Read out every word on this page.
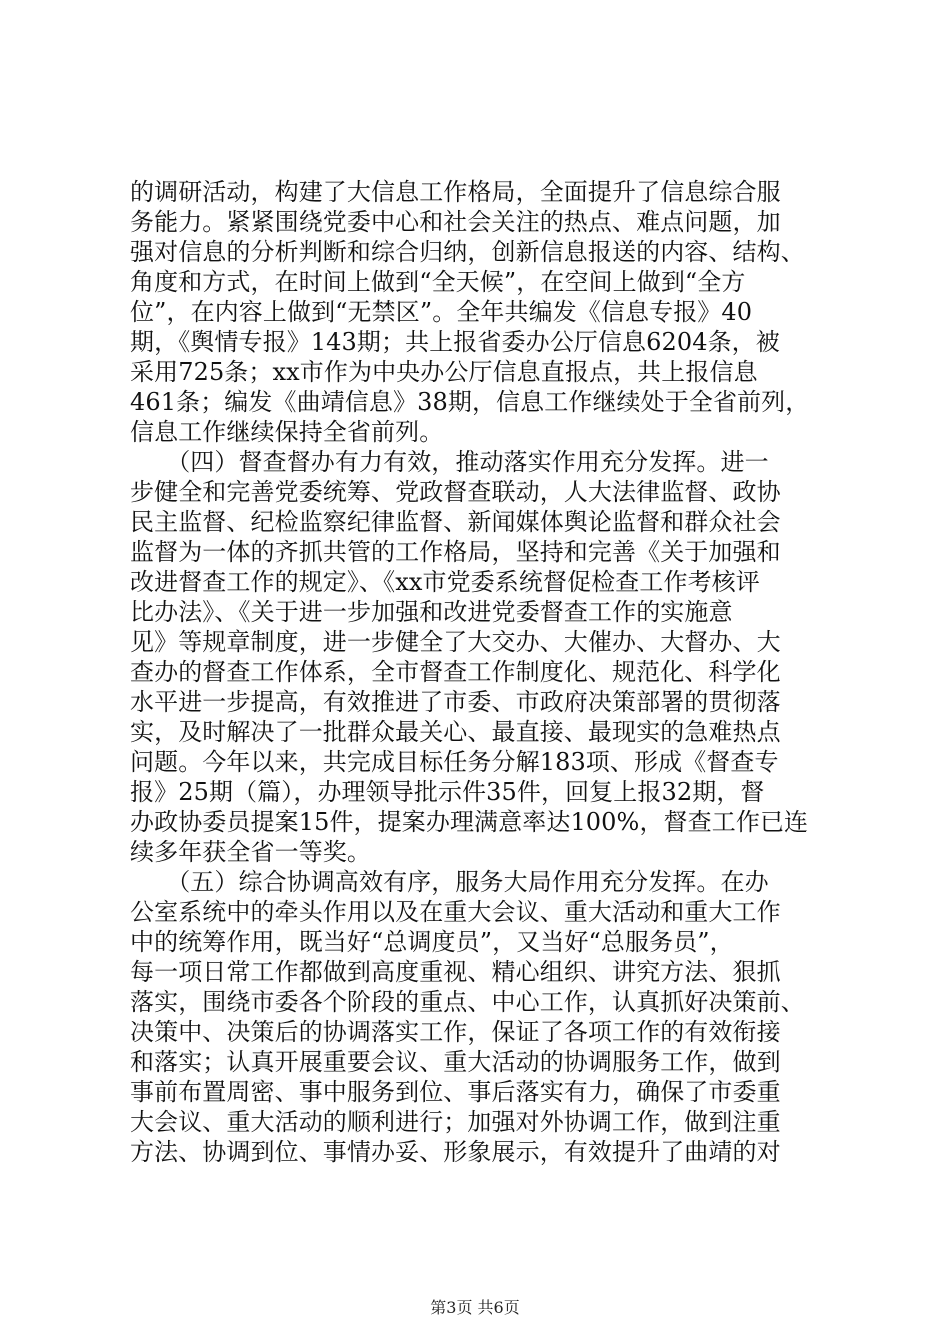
的调研活动，构建了大信息工作格局，全面提升了信息综合服
务能力。紧紧围绕党委中心和社会关注的热点、难点问题，加
强对信息的分析判断和综合归纳，创新信息报送的内容、结构、
角度和方式，在时间上做到“全天候”，在空间上做到“全方
位”，在内容上做到“无禁区”。全年共编发《信息专报》40
期，《舆情专报》143期；共上报省委办公厅信息6204条，被
采用725条；xx市作为中央办公厅信息直报点，共上报信息
461条；编发《曲靖信息》38期，信息工作继续处于全省前列，
信息工作继续保持全省前列。
　　（四）督查督办有力有效，推动落实作用充分发挥。进一
步健全和完善党委统筹、党政督查联动，人大法律监督、政协
民主监督、纪检监察纪律监督、新闻媒体舆论监督和群众社会
监督为一体的齐抓共管的工作格局，坚持和完善《关于加强和
改进督查工作的规定》、《xx市党委系统督促检查工作考核评
比办法》、《关于进一步加强和改进党委督查工作的实施意
见》等规章制度，进一步健全了大交办、大催办、大督办、大
查办的督查工作体系，全市督查工作制度化、规范化、科学化
水平进一步提高，有效推进了市委、市政府决策部署的贯彻落
实，及时解决了一批群众最关心、最直接、最现实的急难热点
问题。今年以来，共完成目标任务分解183项、形成《督查专
报》25期（篇），办理领导批示件35件，回复上报32期，督
办政协委员提案15件，提案办理满意率达100%，督查工作已连
续多年获全省一等奖。
　　（五）综合协调高效有序，服务大局作用充分发挥。在办
公室系统中的牵头作用以及在重大会议、重大活动和重大工作
中的统筹作用，既当好“总调度员”，又当好“总服务员”，
每一项日常工作都做到高度重视、精心组织、讲究方法、狠抓
落实，围绕市委各个阶段的重点、中心工作，认真抓好决策前、
决策中、决策后的协调落实工作，保证了各项工作的有效衔接
和落实；认真开展重要会议、重大活动的协调服务工作，做到
事前布置周密、事中服务到位、事后落实有力，确保了市委重
大会议、重大活动的顺利进行；加强对外协调工作，做到注重
方法、协调到位、事情办妥、形象展示，有效提升了曲靖的对
第3页 共6页
